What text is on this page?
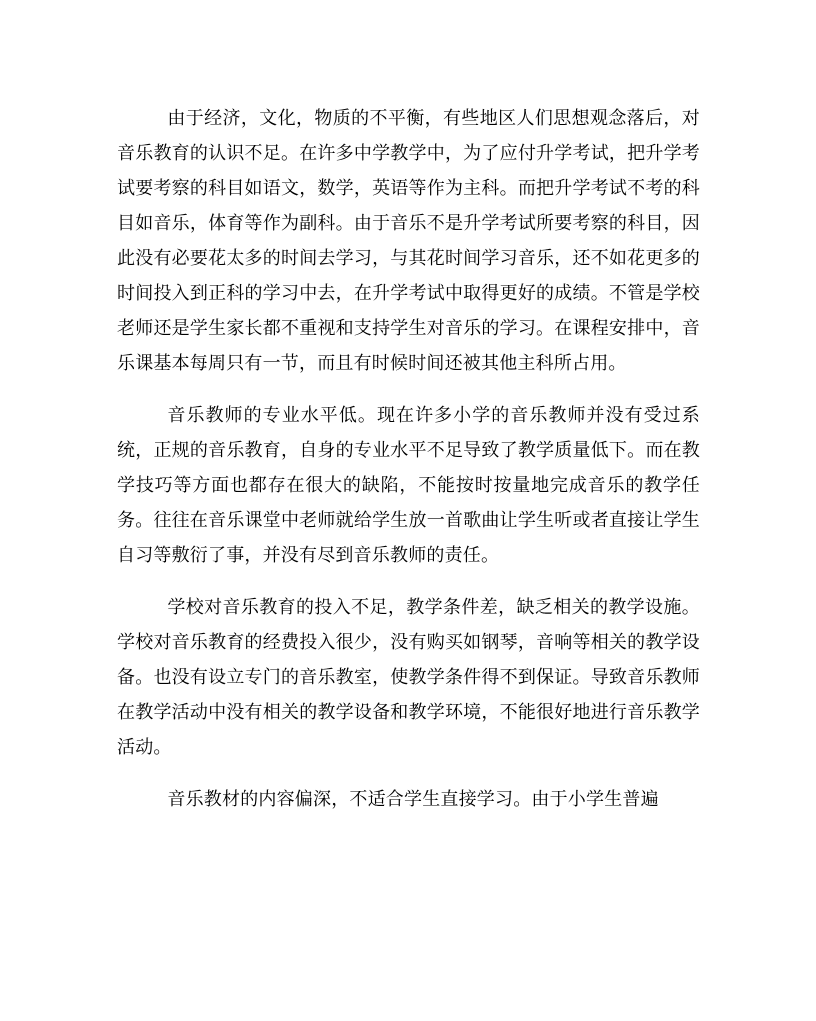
由于经济，文化，物质的不平衡，有些地区人们思想观念落后，对音乐教育的认识不足。在许多中学教学中，为了应付升学考试，把升学考试要考察的科目如语文，数学，英语等作为主科。而把升学考试不考的科目如音乐，体育等作为副科。由于音乐不是升学考试所要考察的科目，因此没有必要花太多的时间去学习，与其花时间学习音乐，还不如花更多的时间投入到正科的学习中去，在升学考试中取得更好的成绩。不管是学校老师还是学生家长都不重视和支持学生对音乐的学习。在课程安排中，音乐课基本每周只有一节，而且有时候时间还被其他主科所占用。

音乐教师的专业水平低。现在许多小学的音乐教师并没有受过系统，正规的音乐教育，自身的专业水平不足导致了教学质量低下。而在教学技巧等方面也都存在很大的缺陷，不能按时按量地完成音乐的教学任务。往往在音乐课堂中老师就给学生放一首歌曲让学生听或者直接让学生自习等敷衍了事，并没有尽到音乐教师的责任。

学校对音乐教育的投入不足，教学条件差，缺乏相关的教学设施。学校对音乐教育的经费投入很少，没有购买如钢琴，音响等相关的教学设备。也没有设立专门的音乐教室，使教学条件得不到保证。导致音乐教师在教学活动中没有相关的教学设备和教学环境，不能很好地进行音乐教学活动。

音乐教材的内容偏深，不适合学生直接学习。由于小学生普遍
